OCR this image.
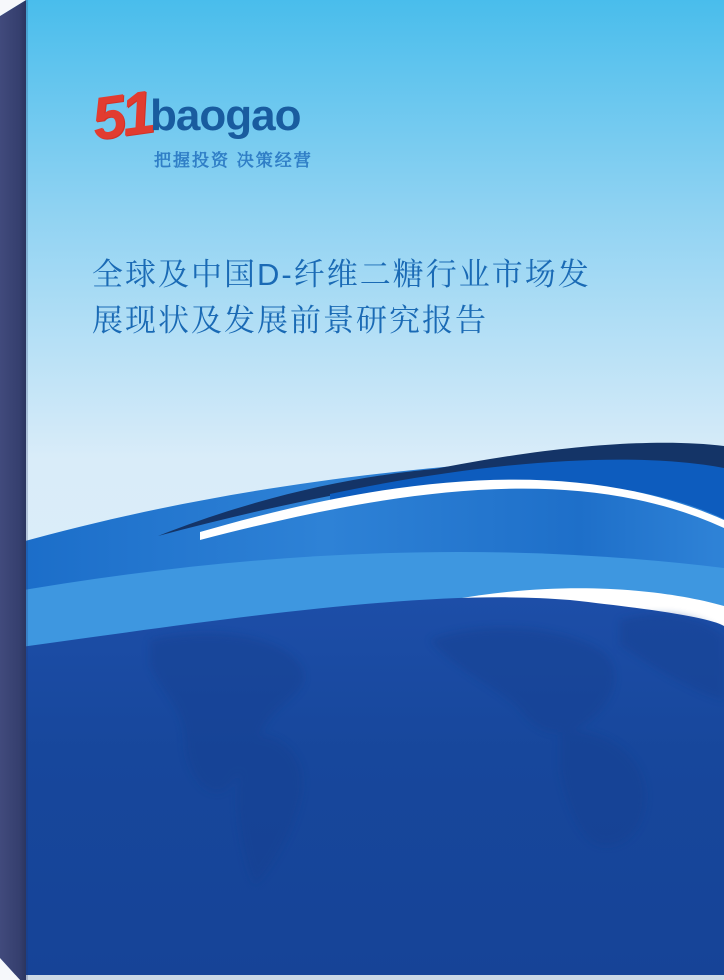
51
baogao
把握投资 决策经营
全球及中国D-纤维二糖行业市场发
展现状及发展前景研究报告
